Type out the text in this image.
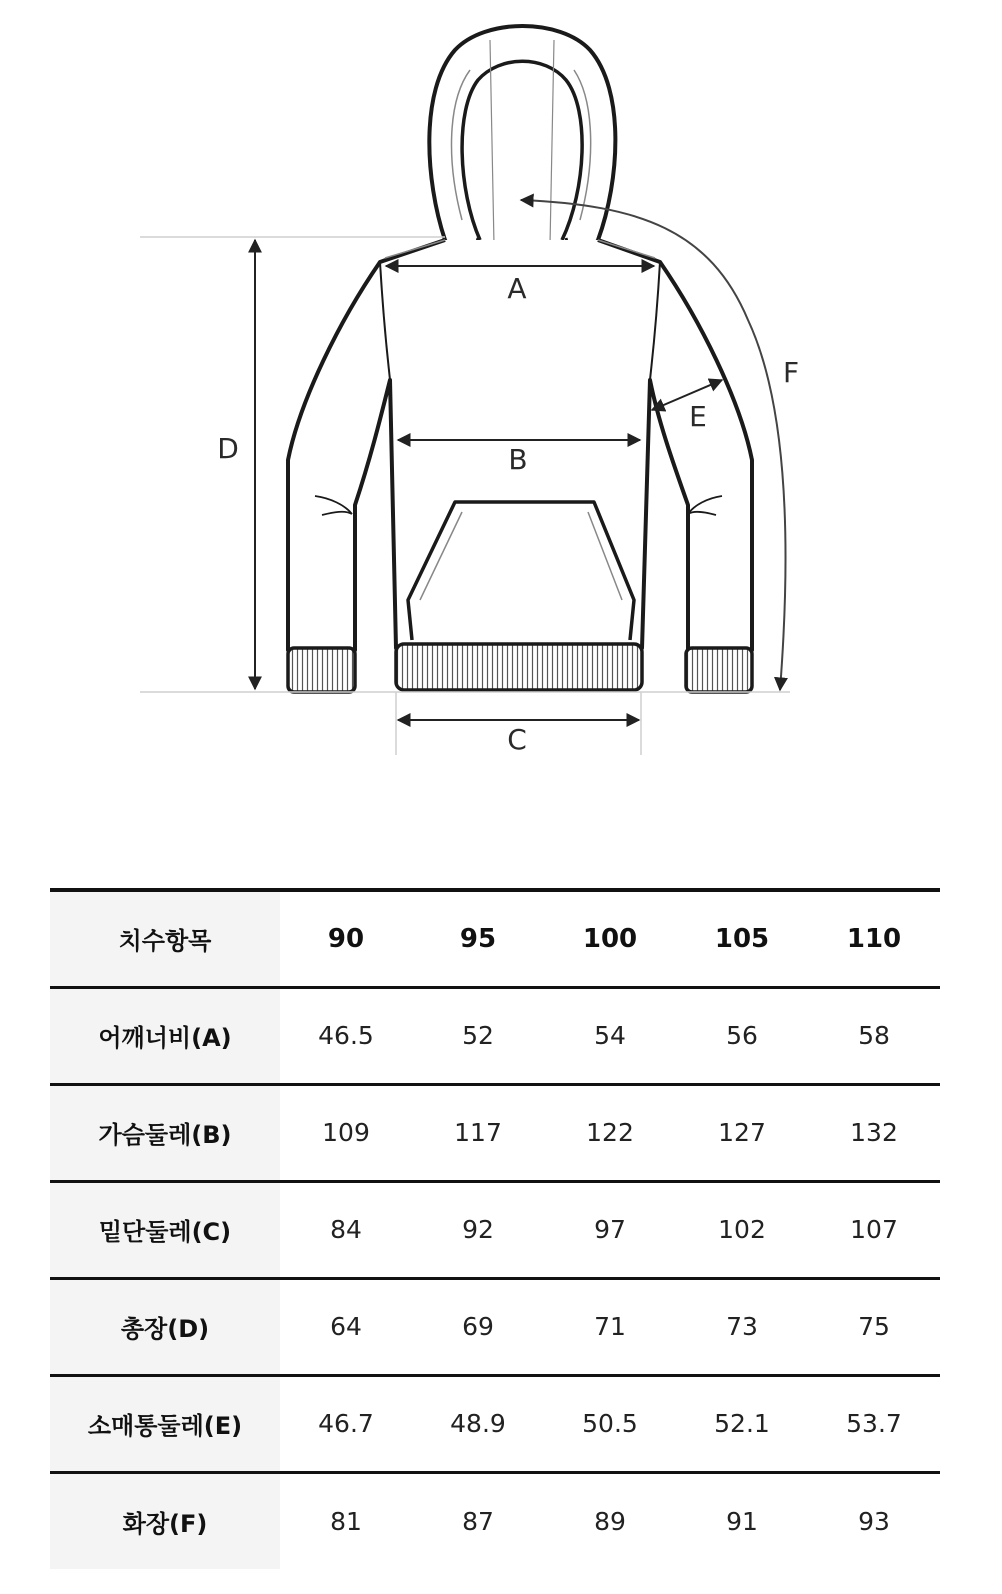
A
B
C
D
E
F
치수항목	90	95	100	105	110
어깨너비(A)	46.5	52	54	56	58
가슴둘레(B)	109	117	122	127	132
밑단둘레(C)	84	92	97	102	107
총장(D)	64	69	71	73	75
소매통둘레(E)	46.7	48.9	50.5	52.1	53.7
화장(F)	81	87	89	91	93
